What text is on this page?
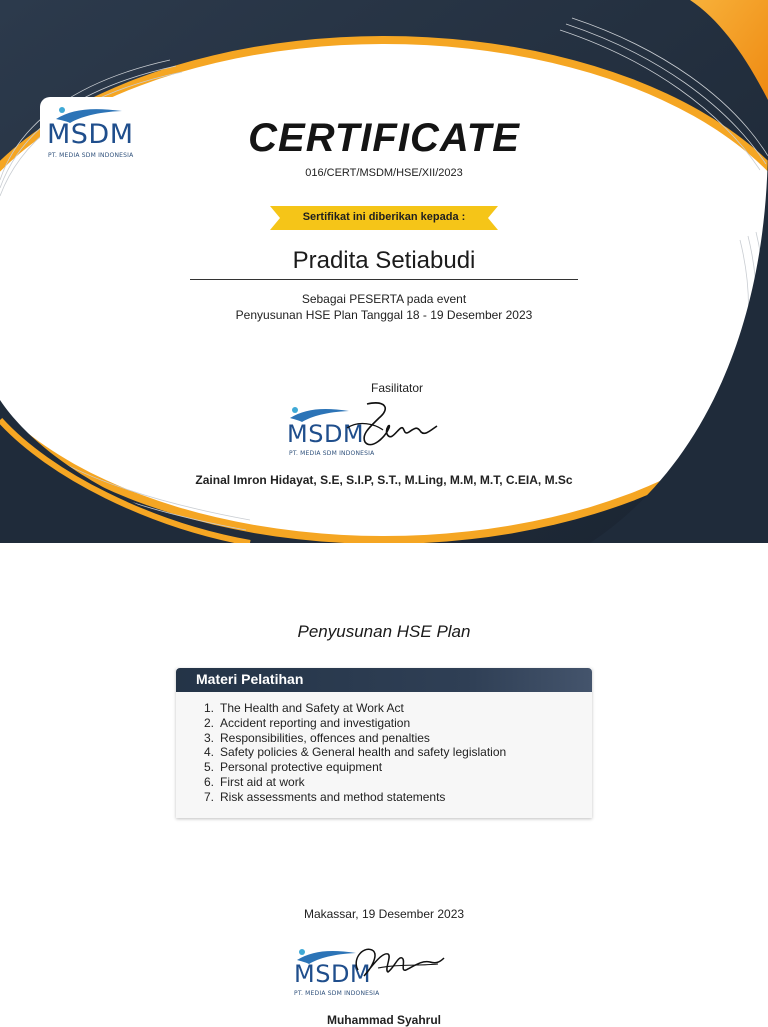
MSDM
PT. MEDIA SDM INDONESIA	CERTIFICATE
016/CERT/MSDM/HSE/XII/2023
Sertifikat ini diberikan kepada :
Pradita Setiabudi
Sebagai PESERTA pada event
Penyusunan HSE Plan Tanggal 18 - 19 Desember 2023
Fasilitator
MSDM
PT. MEDIA SDM INDONESIA
Zainal Imron Hidayat, S.E, S.I.P, S.T., M.Ling, M.M, M.T, C.EIA, M.Sc
Penyusunan HSE Plan
Materi Pelatihan
1. The Health and Safety at Work Act
2. Accident reporting and investigation
3. Responsibilities, offences and penalties
4. Safety policies & General health and safety legislation
5. Personal protective equipment
6. First aid at work
7. Risk assessments and method statements
Makassar, 19 Desember 2023
MSDM
PT. MEDIA SDM INDONESIA
Muhammad Syahrul
